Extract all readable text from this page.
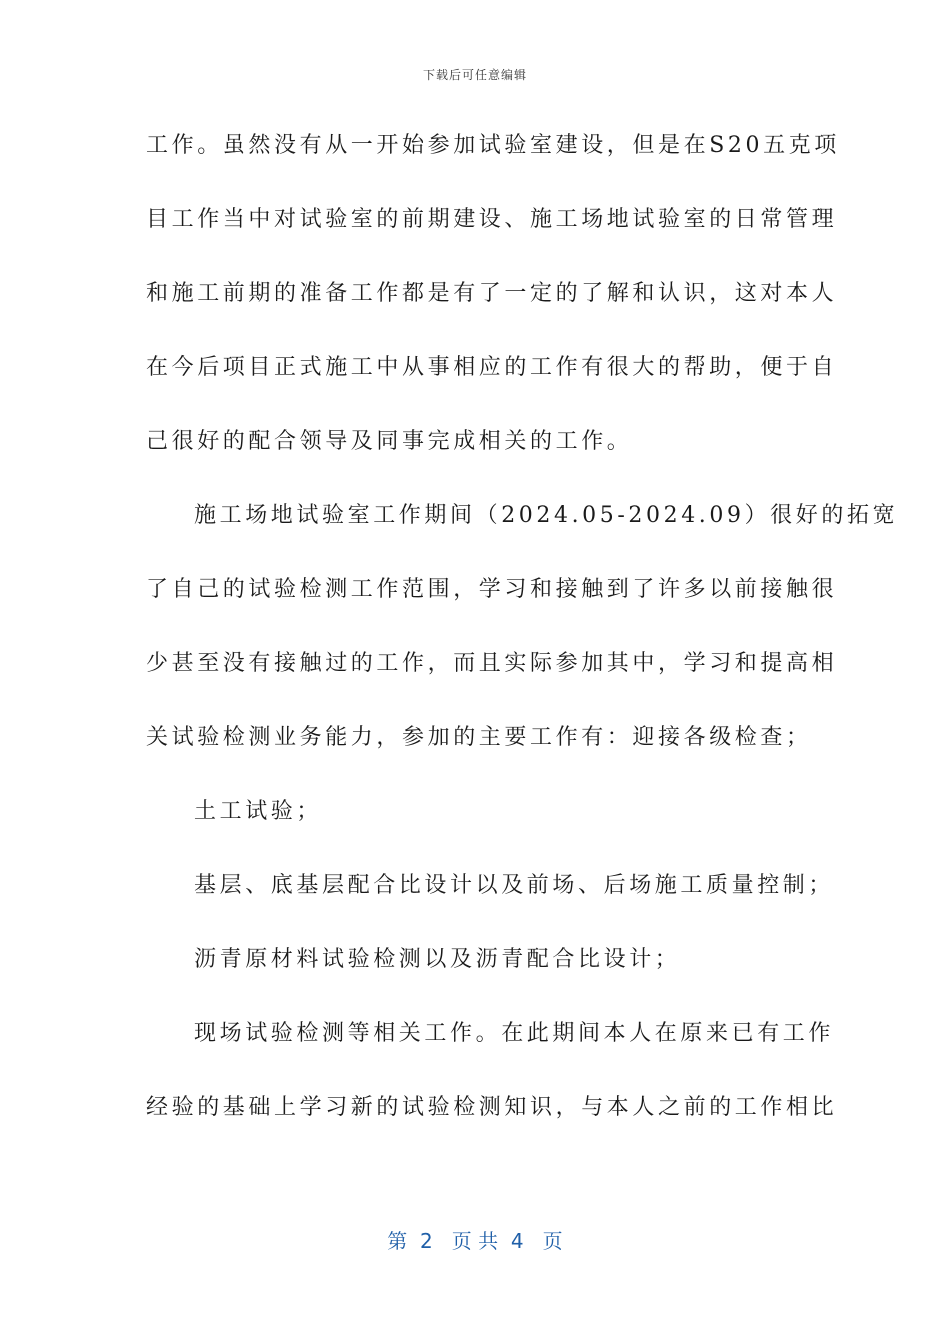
下载后可任意编辑
工作。虽然没有从一开始参加试验室建设，但是在S20五克项
目工作当中对试验室的前期建设、施工场地试验室的日常管理
和施工前期的准备工作都是有了一定的了解和认识，这对本人
在今后项目正式施工中从事相应的工作有很大的帮助，便于自
己很好的配合领导及同事完成相关的工作。
施工场地试验室工作期间（2024.05-2024.09）很好的拓宽
了自己的试验检测工作范围，学习和接触到了许多以前接触很
少甚至没有接触过的工作，而且实际参加其中，学习和提高相
关试验检测业务能力，参加的主要工作有：迎接各级检查；
土工试验；
基层、底基层配合比设计以及前场、后场施工质量控制；
沥青原材料试验检测以及沥青配合比设计；
现场试验检测等相关工作。在此期间本人在原来已有工作
经验的基础上学习新的试验检测知识，与本人之前的工作相比
第  2   页 共  4   页
